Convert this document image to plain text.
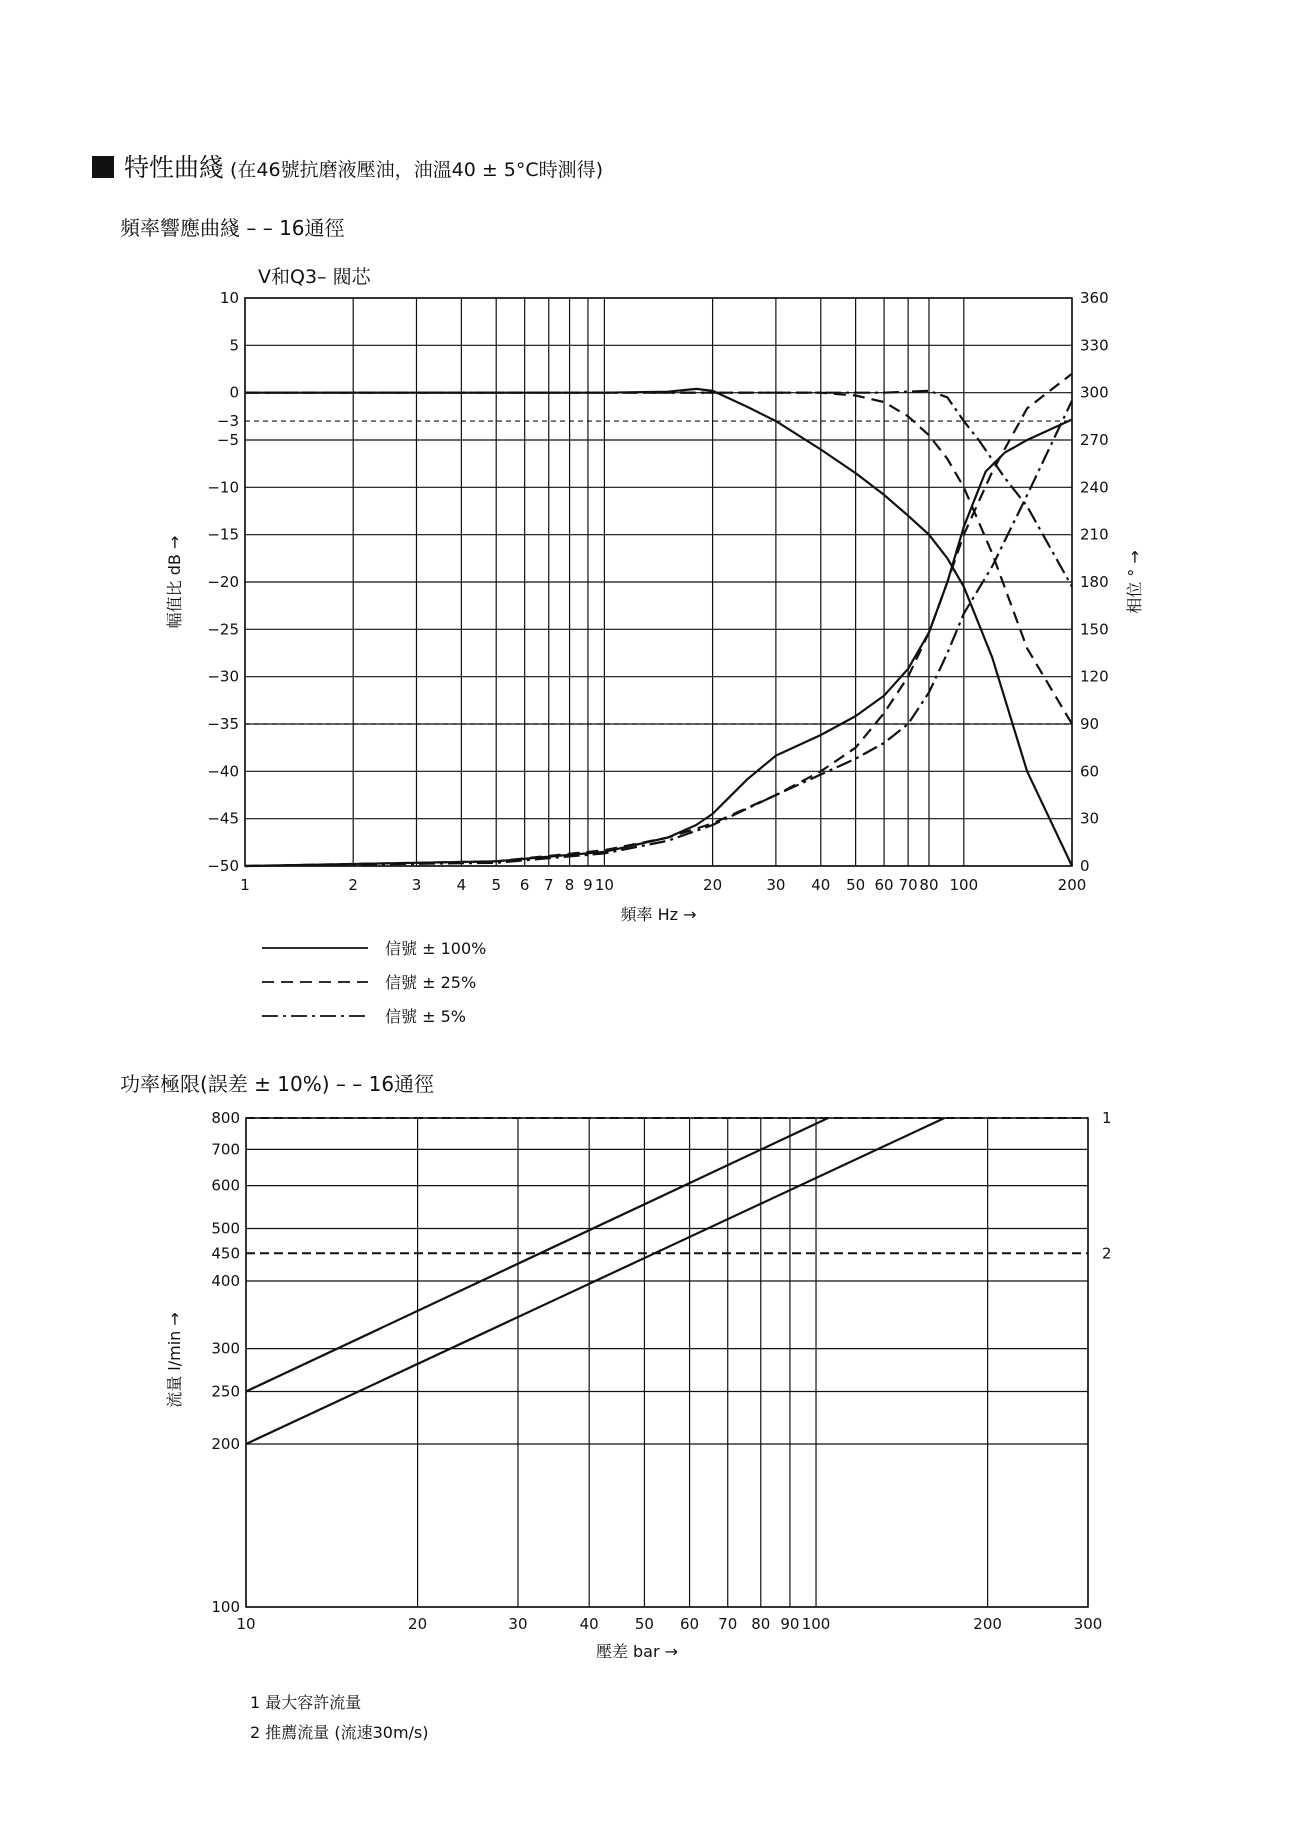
特性曲綫 (在46號抗磨液壓油，油溫40 ± 5°C時測得)
頻率響應曲綫 – – 16通徑
V和Q3– 閥芯
1	2	3 4 5 6 7 8 9 10	20	30 40 50 60 70 80 100	200
10
5
0
−3
−5
−10
−15
−20
−25
−30
−35
−40
−45
−50
360
330
300
270
240
210
180
150
120
90
60
30
0
頻率 Hz →
幅值比 dB →	相位 ° →
信號 ± 100%
信號 ± 25%
信號 ± 5%
功率極限(誤差 ± 10%) – – 16通徑
10	20	30	40 50 60 70 80 90 100	200	300
800
700
600
500
450
400
300
250
200
100
1
2
壓差 bar →
流量 l/min →
1 最大容許流量
2 推薦流量 (流速30m/s)
